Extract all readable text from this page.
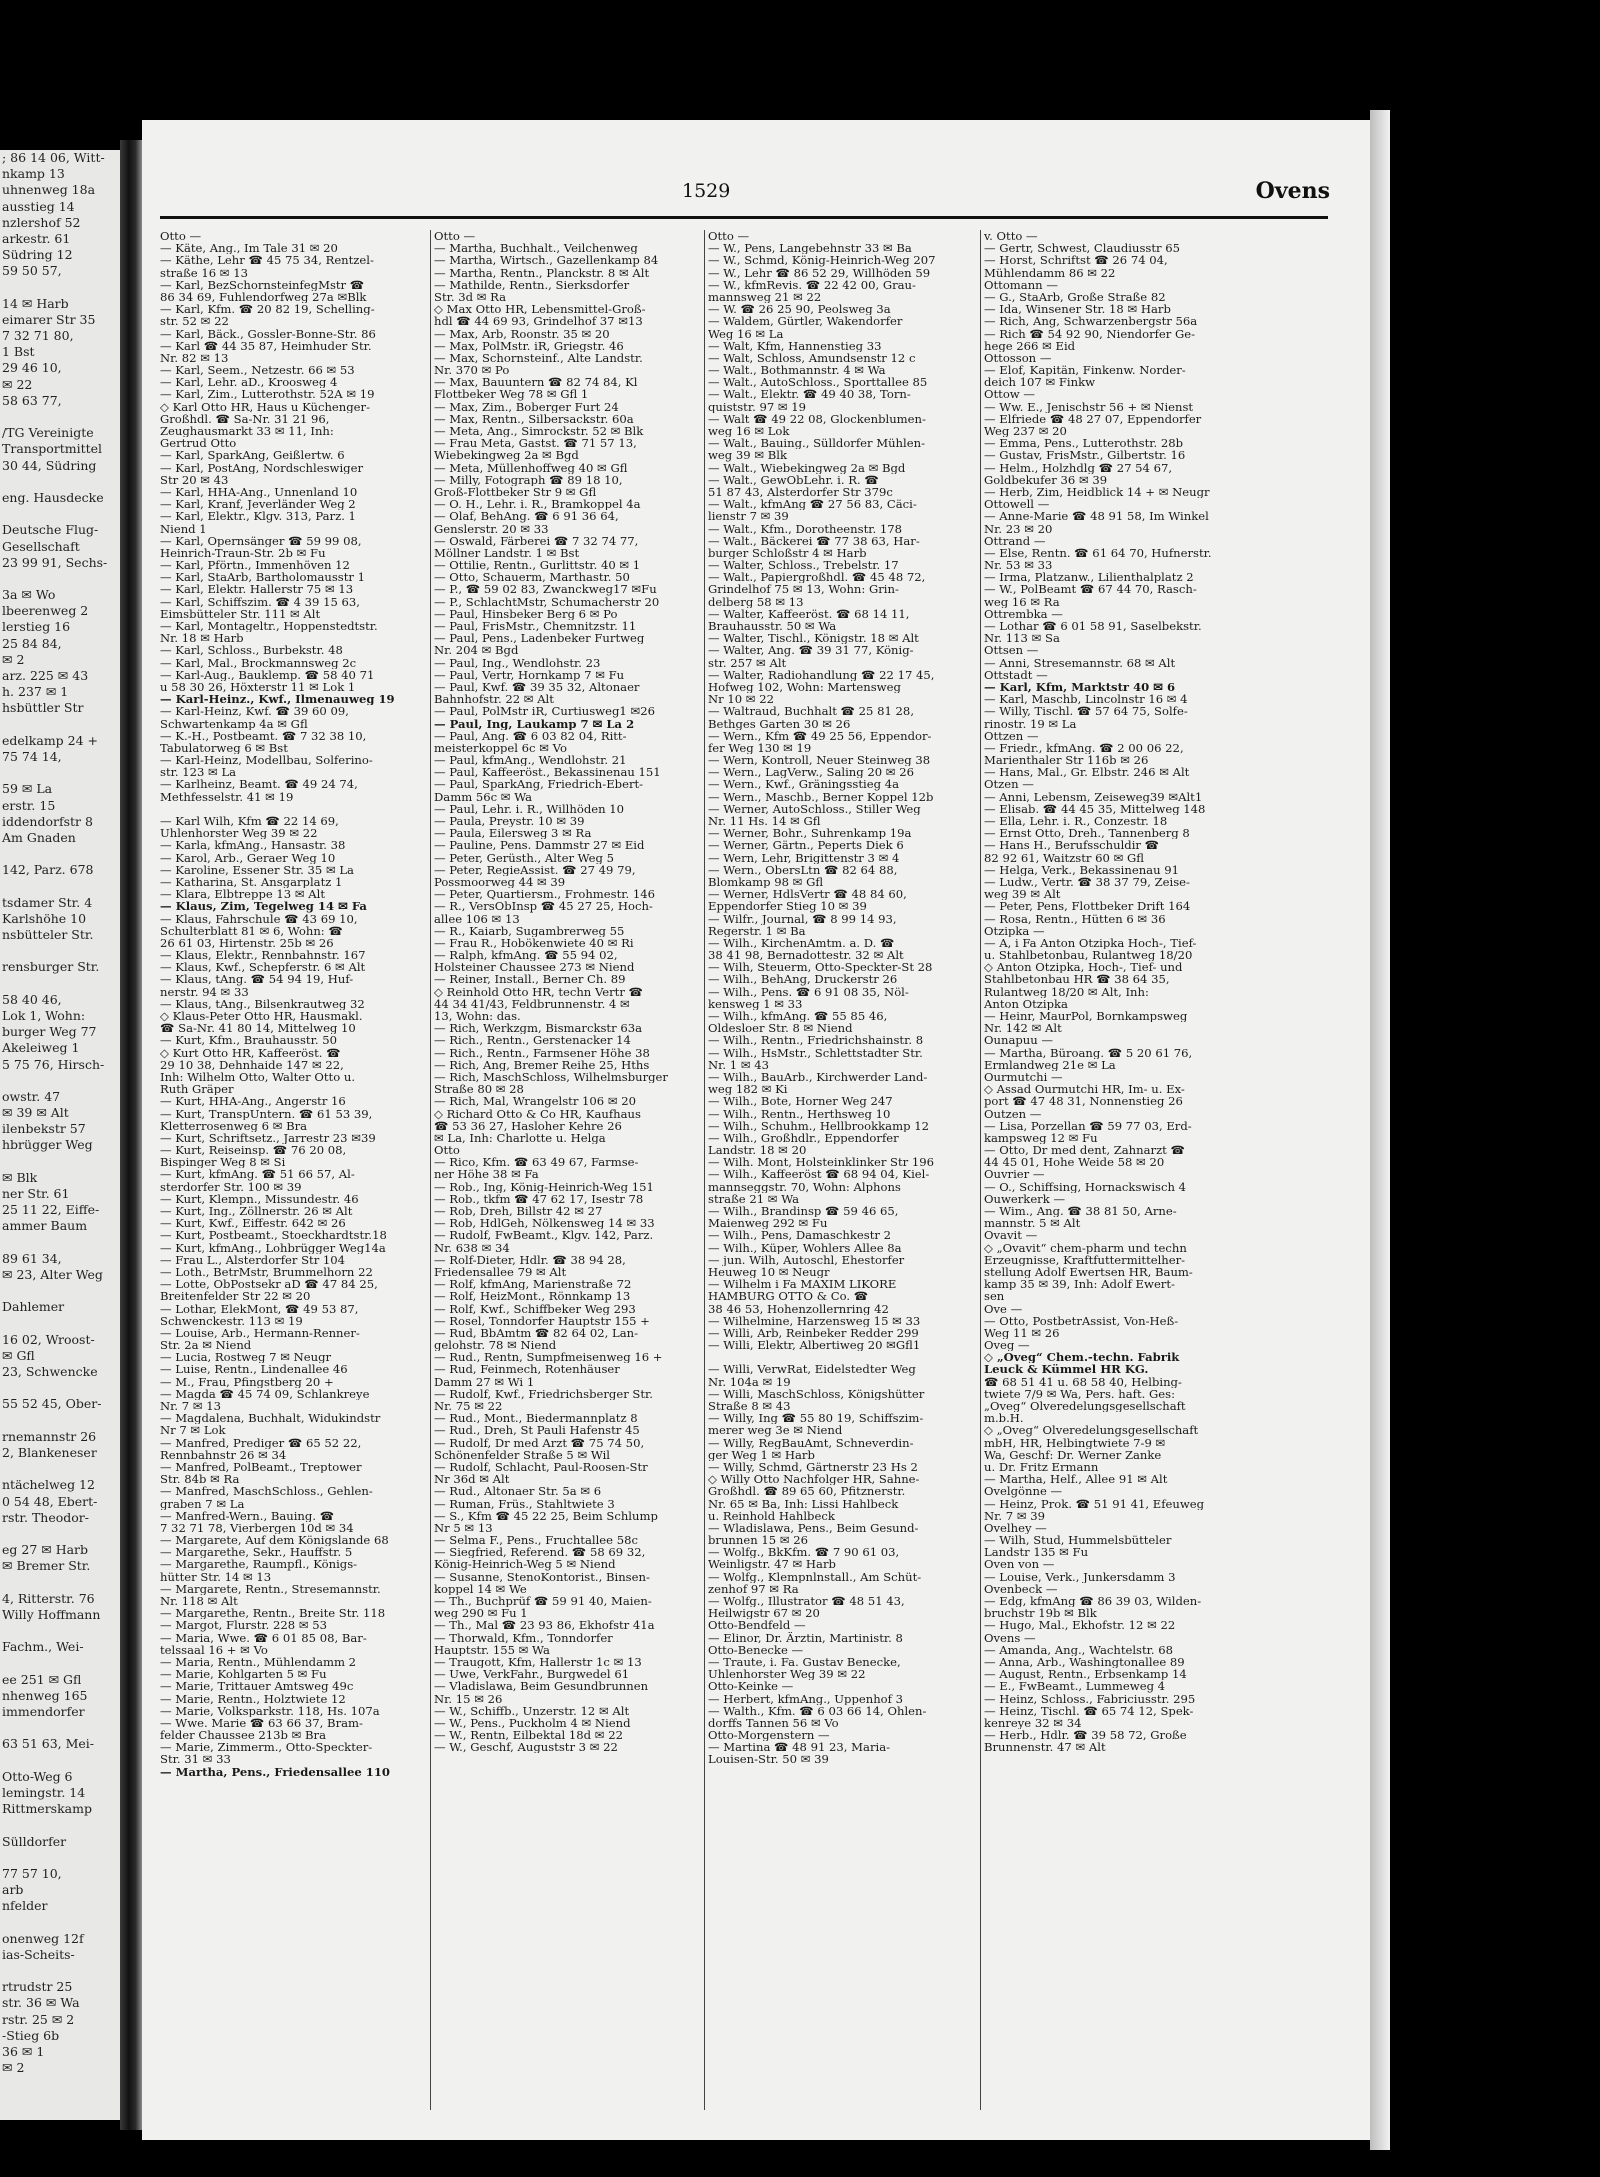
; 86 14 06, Witt-
nkamp 13
uhnenweg 18a
ausstieg 14
nzlershof 52
arkestr. 61
Südring 12
59 50 57,
14 ✉ Harb
eimarer Str 35
7 32 71 80,
1 Bst
29 46 10,
✉ 22
58 63 77,
/TG Vereinigte
Transportmittel
30 44, Südring
eng. Hausdecke
Deutsche Flug-
Gesellschaft
23 99 91, Sechs-
3a ✉ Wo
lbeerenweg 2
lerstieg 16
25 84 84,
✉ 2
arz. 225 ✉ 43
h. 237 ✉ 1
hsbüttler Str
edelkamp 24 +
75 74 14,
59 ✉ La
erstr. 15
iddendorfstr 8
Am Gnaden
142, Parz. 678
tsdamer Str. 4
Karlshöhe 10
nsbütteler Str.
rensburger Str.
58 40 46,
Lok 1, Wohn:
burger Weg 77
Akeleiweg 1
5 75 76, Hirsch-
owstr. 47
✉ 39 ✉ Alt
ilenbekstr 57
hbrügger Weg
✉ Blk
ner Str. 61
25 11 22, Eiffe-
ammer Baum
89 61 34,
✉ 23, Alter Weg
Dahlemer
16 02, Wroost-
✉ Gfl
23, Schwencke
55 52 45, Ober-
rnemannstr 26
2, Blankeneser
ntächelweg 12
0 54 48, Ebert-
rstr. Theodor-
eg 27 ✉ Harb
✉ Bremer Str.
4, Ritterstr. 76
Willy Hoffmann
Fachm., Wei-
ee 251 ✉ Gfl
nhenweg 165
immendorfer
63 51 63, Mei-
Otto-Weg 6
lemingstr. 14
Rittmerskamp
Sülldorfer
77 57 10,
arb
nfelder
onenweg 12f
ias-Scheits-
rtrudstr 25
str. 36 ✉ Wa
rstr. 25 ✉ 2
-Stieg 6b
36 ✉ 1
✉ 2
1529	Ovens
Otto —
— Käte, Ang., Im Tale 31 ✉ 20
— Käthe, Lehr ☎ 45 75 34, Rentzel-
straße 16 ✉ 13
— Karl, BezSchornsteinfegMstr ☎
86 34 69, Fuhlendorfweg 27a ✉Blk
— Karl, Kfm. ☎ 20 82 19, Schelling-
str. 52 ✉ 22
— Karl, Bäck., Gossler-Bonne-Str. 86
— Karl ☎ 44 35 87, Heimhuder Str.
Nr. 82 ✉ 13
— Karl, Seem., Netzestr. 66 ✉ 53
— Karl, Lehr. aD., Kroosweg 4
— Karl, Zim., Lutterothstr. 52A ✉ 19
◇ Karl Otto HR, Haus u Küchenger-
Großhdl. ☎ Sa-Nr. 31 21 96,
Zeughausmarkt 33 ✉ 11, Inh:
Gertrud Otto
— Karl, SparkAng, Geißlertw. 6
— Karl, PostAng, Nordschleswiger
Str 20 ✉ 43
— Karl, HHA-Ang., Unnenland 10
— Karl, Kranf, Jeverländer Weg 2
— Karl, Elektr., Klgv. 313, Parz. 1
Niend 1
— Karl, Opernsänger ☎ 59 99 08,
Heinrich-Traun-Str. 2b ✉ Fu
— Karl, Pförtn., Immenhöven 12
— Karl, StaArb, Bartholomausstr 1
— Karl, Elektr. Hallerstr 75 ✉ 13
— Karl, Schiffszim. ☎ 4 39 15 63,
Eimsbütteler Str. 111 ✉ Alt
— Karl, Montageltr., Hoppenstedtstr.
Nr. 18 ✉ Harb
— Karl, Schloss., Burbekstr. 48
— Karl, Mal., Brockmannsweg 2c
— Karl-Aug., Bauklemp. ☎ 58 40 71
u 58 30 26, Höxterstr 11 ✉ Lok 1
— Karl-Heinz., Kwf., Ilmenauweg 19
— Karl-Heinz, Kwf. ☎ 39 60 09,
Schwartenkamp 4a ✉ Gfl
— K.-H., Postbeamt. ☎ 7 32 38 10,
Tabulatorweg 6 ✉ Bst
— Karl-Heinz, Modellbau, Solferino-
str. 123 ✉ La
— Karlheinz, Beamt. ☎ 49 24 74,
Methfesselstr. 41 ✉ 19
— Karl Wilh, Kfm ☎ 22 14 69,
Uhlenhorster Weg 39 ✉ 22
— Karla, kfmAng., Hansastr. 38
— Karol, Arb., Geraer Weg 10
— Karoline, Essener Str. 35 ✉ La
— Katharina, St. Ansgarplatz 1
— Klara, Elbtreppe 13 ✉ Alt
— Klaus, Zim, Tegelweg 14 ✉ Fa
— Klaus, Fahrschule ☎ 43 69 10,
Schulterblatt 81 ✉ 6, Wohn: ☎
26 61 03, Hirtenstr. 25b ✉ 26
— Klaus, Elektr., Rennbahnstr. 167
— Klaus, Kwf., Schepferstr. 6 ✉ Alt
— Klaus, tAng. ☎ 54 94 19, Huf-
nerstr. 94 ✉ 33
— Klaus, tAng., Bilsenkrautweg 32
◇ Klaus-Peter Otto HR, Hausmakl.
☎ Sa-Nr. 41 80 14, Mittelweg 10
— Kurt, Kfm., Brauhausstr. 50
◇ Kurt Otto HR, Kaffeeröst. ☎
29 10 38, Dehnhaide 147 ✉ 22,
Inh: Wilhelm Otto, Walter Otto u.
Ruth Gräper
— Kurt, HHA-Ang., Angerstr 16
— Kurt, TranspUntern. ☎ 61 53 39,
Kletterrosenweg 6 ✉ Bra
— Kurt, Schriftsetz., Jarrestr 23 ✉39
— Kurt, Reiseinsp. ☎ 76 20 08,
Bispinger Weg 8 ✉ Si
— Kurt, kfmAng. ☎ 51 66 57, Al-
sterdorfer Str. 100 ✉ 39
— Kurt, Klempn., Missundestr. 46
— Kurt, Ing., Zöllnerstr. 26 ✉ Alt
— Kurt, Kwf., Eiffestr. 642 ✉ 26
— Kurt, Postbeamt., Stoeckhardtstr.18
— Kurt, kfmAng., Lohbrügger Weg14a
— Frau L., Alsterdorfer Str 104
— Loth., BetrMstr, Brummelhorn 22
— Lotte, ObPostsekr aD ☎ 47 84 25,
Breitenfelder Str 22 ✉ 20
— Lothar, ElekMont, ☎ 49 53 87,
Schwenckestr. 113 ✉ 19
— Louise, Arb., Hermann-Renner-
Str. 2a ✉ Niend
— Lucia, Rostweg 7 ✉ Neugr
— Luise, Rentn., Lindenallee 46
— M., Frau, Pfingstberg 20 +
— Magda ☎ 45 74 09, Schlankreye
Nr. 7 ✉ 13
— Magdalena, Buchhalt, Widukindstr
Nr 7 ✉ Lok
— Manfred, Prediger ☎ 65 52 22,
Rennbahnstr 26 ✉ 34
— Manfred, PolBeamt., Treptower
Str. 84b ✉ Ra
— Manfred, MaschSchloss., Gehlen-
graben 7 ✉ La
— Manfred-Wern., Bauing. ☎
7 32 71 78, Vierbergen 10d ✉ 34
— Margarete, Auf dem Königslande 68
— Margarethe, Sekr., Hauffstr. 5
— Margarethe, Raumpfl., Königs-
hütter Str. 14 ✉ 13
— Margarete, Rentn., Stresemannstr.
Nr. 118 ✉ Alt
— Margarethe, Rentn., Breite Str. 118
— Margot, Flurstr. 228 ✉ 53
— Maria, Wwe. ☎ 6 01 85 08, Bar-
telssaal 16 + ✉ Vo
— Maria, Rentn., Mühlendamm 2
— Marie, Kohlgarten 5 ✉ Fu
— Marie, Trittauer Amtsweg 49c
— Marie, Rentn., Holztwiete 12
— Marie, Volksparkstr. 118, Hs. 107a
— Wwe. Marie ☎ 63 66 37, Bram-
felder Chaussee 213b ✉ Bra
— Marie, Zimmerm., Otto-Speckter-
Str. 31 ✉ 33
— Martha, Pens., Friedensallee 110
Otto —
— Martha, Buchhalt., Veilchenweg
— Martha, Wirtsch., Gazellenkamp 84
— Martha, Rentn., Planckstr. 8 ✉ Alt
— Mathilde, Rentn., Sierksdorfer
Str. 3d ✉ Ra
◇ Max Otto HR, Lebensmittel-Groß-
hdl ☎ 44 69 93, Grindelhof 37 ✉13
— Max, Arb, Roonstr. 35 ✉ 20
— Max, PolMstr. iR, Griegstr. 46
— Max, Schornsteinf., Alte Landstr.
Nr. 370 ✉ Po
— Max, Bauuntern ☎ 82 74 84, Kl
Flottbeker Weg 78 ✉ Gfl 1
— Max, Zim., Boberger Furt 24
— Max, Rentn., Silbersackstr. 60a
— Meta, Ang., Simrockstr. 52 ✉ Blk
— Frau Meta, Gastst. ☎ 71 57 13,
Wiebekingweg 2a ✉ Bgd
— Meta, Müllenhoffweg 40 ✉ Gfl
— Milly, Fotograph ☎ 89 18 10,
Groß-Flottbeker Str 9 ✉ Gfl
— O. H., Lehr. i. R., Bramkoppel 4a
— Olaf, BehAng. ☎ 6 91 36 64,
Genslerstr. 20 ✉ 33
— Oswald, Färberei ☎ 7 32 74 77,
Möllner Landstr. 1 ✉ Bst
— Ottilie, Rentn., Gurlittstr. 40 ✉ 1
— Otto, Schauerm, Marthastr. 50
— P., ☎ 59 02 83, Zwanckweg17 ✉Fu
— P., SchlachtMstr, Schumacherstr 20
— Paul, Hinsbeker Berg 6 ✉ Po
— Paul, FrisMstr., Chemnitzstr. 11
— Paul, Pens., Ladenbeker Furtweg
Nr. 204 ✉ Bgd
— Paul, Ing., Wendlohstr. 23
— Paul, Vertr, Hornkamp 7 ✉ Fu
— Paul, Kwf. ☎ 39 35 32, Altonaer
Bahnhofstr. 22 ✉ Alt
— Paul, PolMstr iR, Curtiusweg1 ✉26
— Paul, Ing, Laukamp 7 ✉ La 2
— Paul, Ang. ☎ 6 03 82 04, Ritt-
meisterkoppel 6c ✉ Vo
— Paul, kfmAng., Wendlohstr. 21
— Paul, Kaffeeröst., Bekassinenau 151
— Paul, SparkAng, Friedrich-Ebert-
Damm 56c ✉ Wa
— Paul, Lehr. i. R., Willhöden 10
— Paula, Preystr. 10 ✉ 39
— Paula, Eilersweg 3 ✉ Ra
— Pauline, Pens. Dammstr 27 ✉ Eid
— Peter, Gerüsth., Alter Weg 5
— Peter, RegieAssist. ☎ 27 49 79,
Possmoorweg 44 ✉ 39
— Peter, Quartiersm., Frohmestr. 146
— R., VersObInsp ☎ 45 27 25, Hoch-
allee 106 ✉ 13
— R., Kaiarb, Sugambrerweg 55
— Frau R., Hobökenwiete 40 ✉ Ri
— Ralph, kfmAng. ☎ 55 94 02,
Holsteiner Chaussee 273 ✉ Niend
— Reiner, Install., Berner Ch. 89
◇ Reinhold Otto HR, techn Vertr ☎
44 34 41/43, Feldbrunnenstr. 4 ✉
13, Wohn: das.
— Rich, Werkzgm, Bismarckstr 63a
— Rich., Rentn., Gerstenacker 14
— Rich., Rentn., Farmsener Höhe 38
— Rich, Ang, Bremer Reihe 25, Hths
— Rich, MaschSchloss, Wilhelmsburger
Straße 80 ✉ 28
— Rich, Mal, Wrangelstr 106 ✉ 20
◇ Richard Otto & Co HR, Kaufhaus
☎ 53 36 27, Hasloher Kehre 26
✉ La, Inh: Charlotte u. Helga
Otto
— Rico, Kfm. ☎ 63 49 67, Farmse-
ner Höhe 38 ✉ Fa
— Rob., Ing, König-Heinrich-Weg 151
— Rob., tkfm ☎ 47 62 17, Isestr 78
— Rob, Dreh, Billstr 42 ✉ 27
— Rob, HdlGeh, Nölkensweg 14 ✉ 33
— Rudolf, FwBeamt., Klgv. 142, Parz.
Nr. 638 ✉ 34
— Rolf-Dieter, Hdlr. ☎ 38 94 28,
Friedensallee 79 ✉ Alt
— Rolf, kfmAng, Marienstraße 72
— Rolf, HeizMont., Rönnkamp 13
— Rolf, Kwf., Schiffbeker Weg 293
— Rosel, Tonndorfer Hauptstr 155 +
— Rud, BbAmtm ☎ 82 64 02, Lan-
gelohstr. 78 ✉ Niend
— Rud., Rentn, Sumpfmeisenweg 16 +
— Rud, Feinmech, Rotenhäuser
Damm 27 ✉ Wi 1
— Rudolf, Kwf., Friedrichsberger Str.
Nr. 75 ✉ 22
— Rud., Mont., Biedermannplatz 8
— Rud., Dreh, St Pauli Hafenstr 45
— Rudolf, Dr med Arzt ☎ 75 74 50,
Schönenfelder Straße 5 ✉ Wil
— Rudolf, Schlacht, Paul-Roosen-Str
Nr 36d ✉ Alt
— Rud., Altonaer Str. 5a ✉ 6
— Ruman, Früs., Stahltwiete 3
— S., Kfm ☎ 45 22 25, Beim Schlump
Nr 5 ✉ 13
— Selma F., Pens., Fruchtallee 58c
— Siegfried, Referend. ☎ 58 69 32,
König-Heinrich-Weg 5 ✉ Niend
— Susanne, StenoKontorist., Binsen-
koppel 14 ✉ We
— Th., Buchprüf ☎ 59 91 40, Maien-
weg 290 ✉ Fu 1
— Th., Mal ☎ 23 93 86, Ekhofstr 41a
— Thorwald, Kfm., Tonndorfer
Hauptstr. 155 ✉ Wa
— Traugott, Kfm, Hallerstr 1c ✉ 13
— Uwe, VerkFahr., Burgwedel 61
— Vladislawa, Beim Gesundbrunnen
Nr. 15 ✉ 26
— W., Schiffb., Unzerstr. 12 ✉ Alt
— W., Pens., Puckholm 4 ✉ Niend
— W., Rentn, Eilbektal 18d ✉ 22
— W., Geschf, Auguststr 3 ✉ 22
Otto —
— W., Pens, Langebehnstr 33 ✉ Ba
— W., Schmd, König-Heinrich-Weg 207
— W., Lehr ☎ 86 52 29, Willhöden 59
— W., kfmRevis. ☎ 22 42 00, Grau-
mannsweg 21 ✉ 22
— W. ☎ 26 25 90, Peolsweg 3a
— Waldem, Gürtler, Wakendorfer
Weg 16 ✉ La
— Walt, Kfm, Hannenstieg 33
— Walt, Schloss, Amundsenstr 12 c
— Walt., Bothmannstr. 4 ✉ Wa
— Walt., AutoSchloss., Sporttallee 85
— Walt., Elektr. ☎ 49 40 38, Torn-
quiststr. 97 ✉ 19
— Walt ☎ 49 22 08, Glockenblumen-
weg 16 ✉ Lok
— Walt., Bauing., Sülldorfer Mühlen-
weg 39 ✉ Blk
— Walt., Wiebekingweg 2a ✉ Bgd
— Walt., GewObLehr. i. R. ☎
51 87 43, Alsterdorfer Str 379c
— Walt., kfmAng ☎ 27 56 83, Cäci-
lienstr 7 ✉ 39
— Walt., Kfm., Dorotheenstr. 178
— Walt., Bäckerei ☎ 77 38 63, Har-
burger Schloßstr 4 ✉ Harb
— Walter, Schloss., Trebelstr. 17
— Walt., Papiergroßhdl. ☎ 45 48 72,
Grindelhof 75 ✉ 13, Wohn: Grin-
delberg 58 ✉ 13
— Walter, Kaffeeröst. ☎ 68 14 11,
Brauhausstr. 50 ✉ Wa
— Walter, Tischl., Königstr. 18 ✉ Alt
— Walter, Ang. ☎ 39 31 77, König-
str. 257 ✉ Alt
— Walter, Radiohandlung ☎ 22 17 45,
Hofweg 102, Wohn: Martensweg
Nr 10 ✉ 22
— Waltraud, Buchhalt ☎ 25 81 28,
Bethges Garten 30 ✉ 26
— Wern., Kfm ☎ 49 25 56, Eppendor-
fer Weg 130 ✉ 19
— Wern, Kontroll, Neuer Steinweg 38
— Wern., LagVerw., Saling 20 ✉ 26
— Wern., Kwf., Gräningsstieg 4a
— Wern., Maschb., Berner Koppel 12b
— Werner, AutoSchloss., Stiller Weg
Nr. 11 Hs. 14 ✉ Gfl
— Werner, Bohr., Suhrenkamp 19a
— Werner, Gärtn., Peperts Diek 6
— Wern, Lehr, Brigittenstr 3 ✉ 4
— Wern., ObersLtn ☎ 82 64 88,
Blomkamp 98 ✉ Gfl
— Werner, HdlsVertr ☎ 48 84 60,
Eppendorfer Stieg 10 ✉ 39
— Wilfr., Journal, ☎ 8 99 14 93,
Regerstr. 1 ✉ Ba
— Wilh., KirchenAmtm. a. D. ☎
38 41 98, Bernadottestr. 32 ✉ Alt
— Wilh, Steuerm, Otto-Speckter-St 28
— Wilh., BehAng, Druckerstr 26
— Wilh., Pens. ☎ 6 91 08 35, Nöl-
kensweg 1 ✉ 33
— Wilh., kfmAng. ☎ 55 85 46,
Oldesloer Str. 8 ✉ Niend
— Wilh., Rentn., Friedrichshainstr. 8
— Wilh., HsMstr., Schlettstadter Str.
Nr. 1 ✉ 43
— Wilh., BauArb., Kirchwerder Land-
weg 182 ✉ Ki
— Wilh., Bote, Horner Weg 247
— Wilh., Rentn., Herthsweg 10
— Wilh., Schuhm., Hellbrookkamp 12
— Wilh., Großhdlr., Eppendorfer
Landstr. 18 ✉ 20
— Wilh. Mont, Holsteinklinker Str 196
— Wilh., Kaffeeröst ☎ 68 94 04, Kiel-
mannseggstr. 70, Wohn: Alphons
straße 21 ✉ Wa
— Wilh., Brandinsp ☎ 59 46 65,
Maienweg 292 ✉ Fu
— Wilh., Pens, Damaschkestr 2
— Wilh., Küper, Wohlers Allee 8a
— jun. Wilh, Autoschl, Ehestorfer
Heuweg 10 ✉ Neugr
— Wilhelm i Fa MAXIM LIKORE
HAMBURG OTTO & Co. ☎
38 46 53, Hohenzollernring 42
— Wilhelmine, Harzensweg 15 ✉ 33
— Willi, Arb, Reinbeker Redder 299
— Willi, Elektr, Albertiweg 20 ✉Gfl1
— Willi, VerwRat, Eidelstedter Weg
Nr. 104a ✉ 19
— Willi, MaschSchloss, Königshütter
Straße 8 ✉ 43
— Willy, Ing ☎ 55 80 19, Schiffszim-
merer weg 3e ✉ Niend
— Willy, RegBauAmt, Schneverdin-
ger Weg 1 ✉ Harb
— Willy, Schmd, Gärtnerstr 23 Hs 2
◇ Willy Otto Nachfolger HR, Sahne-
Großhdl. ☎ 89 65 60, Pfitznerstr.
Nr. 65 ✉ Ba, Inh: Lissi Hahlbeck
u. Reinhold Hahlbeck
— Wladislawa, Pens., Beim Gesund-
brunnen 15 ✉ 26
— Wolfg., BkKfm. ☎ 7 90 61 03,
Weinligstr. 47 ✉ Harb
— Wolfg., Klempnlnstall., Am Schüt-
zenhof 97 ✉ Ra
— Wolfg., Illustrator ☎ 48 51 43,
Heilwigstr 67 ✉ 20
Otto-Bendfeld —
— Elinor, Dr. Ärztin, Martinistr. 8
Otto-Benecke —
— Traute, i. Fa. Gustav Benecke,
Uhlenhorster Weg 39 ✉ 22
Otto-Keinke —
— Herbert, kfmAng., Uppenhof 3
— Walth., Kfm. ☎ 6 03 66 14, Ohlen-
dorffs Tannen 56 ✉ Vo
Otto-Morgenstern —
— Martina ☎ 48 91 23, Maria-
Louisen-Str. 50 ✉ 39
v. Otto —
— Gertr, Schwest, Claudiusstr 65
— Horst, Schriftst ☎ 26 74 04,
Mühlendamm 86 ✉ 22
Ottomann —
— G., StaArb, Große Straße 82
— Ida, Winsener Str. 18 ✉ Harb
— Rich, Ang, Schwarzenbergstr 56a
— Rich ☎ 54 92 90, Niendorfer Ge-
hege 266 ✉ Eid
Ottosson —
— Elof, Kapitän, Finkenw. Norder-
deich 107 ✉ Finkw
Ottow —
— Ww. E., Jenischstr 56 + ✉ Nienst
— Elfriede ☎ 48 27 07, Eppendorfer
Weg 237 ✉ 20
— Emma, Pens., Lutterothstr. 28b
— Gustav, FrisMstr., Gilbertstr. 16
— Helm., Holzhdlg ☎ 27 54 67,
Goldbekufer 36 ✉ 39
— Herb, Zim, Heidblick 14 + ✉ Neugr
Ottowell —
— Anne-Marie ☎ 48 91 58, Im Winkel
Nr. 23 ✉ 20
Ottrand —
— Else, Rentn. ☎ 61 64 70, Hufnerstr.
Nr. 53 ✉ 33
— Irma, Platzanw., Lilienthalplatz 2
— W., PolBeamt ☎ 67 44 70, Rasch-
weg 16 ✉ Ra
Ottrembka —
— Lothar ☎ 6 01 58 91, Saselbekstr.
Nr. 113 ✉ Sa
Ottsen —
— Anni, Stresemannstr. 68 ✉ Alt
Ottstadt —
— Karl, Kfm, Marktstr 40 ✉ 6
— Karl, Maschb, Lincolnstr 16 ✉ 4
— Willy, Tischl. ☎ 57 64 75, Solfe-
rinostr. 19 ✉ La
Ottzen —
— Friedr., kfmAng. ☎ 2 00 06 22,
Marienthaler Str 116b ✉ 26
— Hans, Mal., Gr. Elbstr. 246 ✉ Alt
Otzen —
— Anni, Lebensm, Zeiseweg39 ✉Alt1
— Elisab. ☎ 44 45 35, Mittelweg 148
— Ella, Lehr. i. R., Conzestr. 18
— Ernst Otto, Dreh., Tannenberg 8
— Hans H., Berufsschuldir ☎
82 92 61, Waitzstr 60 ✉ Gfl
— Helga, Verk., Bekassinenau 91
— Ludw., Vertr. ☎ 38 37 79, Zeise-
weg 39 ✉ Alt
— Peter, Pens, Flottbeker Drift 164
— Rosa, Rentn., Hütten 6 ✉ 36
Otzipka —
— A, i Fa Anton Otzipka Hoch-, Tief-
u. Stahlbetonbau, Rulantweg 18/20
◇ Anton Otzipka, Hoch-, Tief- und
Stahlbetonbau HR ☎ 38 64 35,
Rulantweg 18/20 ✉ Alt, Inh:
Anton Otzipka
— Heinr, MaurPol, Bornkampsweg
Nr. 142 ✉ Alt
Ounapuu —
— Martha, Büroang. ☎ 5 20 61 76,
Ermlandweg 21e ✉ La
Ourmutchi —
◇ Assad Ourmutchi HR, Im- u. Ex-
port ☎ 47 48 31, Nonnenstieg 26
Outzen —
— Lisa, Porzellan ☎ 59 77 03, Erd-
kampsweg 12 ✉ Fu
— Otto, Dr med dent, Zahnarzt ☎
44 45 01, Hohe Weide 58 ✉ 20
Ouvrier —
— O., Schiffsing, Hornackswisch 4
Ouwerkerk —
— Wim., Ang. ☎ 38 81 50, Arne-
mannstr. 5 ✉ Alt
Ovavit —
◇ „Ovavit“ chem-pharm und techn
Erzeugnisse, Kraftfuttermittelher-
stellung Adolf Ewertsen HR, Baum-
kamp 35 ✉ 39, Inh: Adolf Ewert-
sen
Ove —
— Otto, PostbetrAssist, Von-Heß-
Weg 11 ✉ 26
Oveg —
◇ „Oveg“ Chem.-techn. Fabrik
Leuck & Kümmel HR KG.
☎ 68 51 41 u. 68 58 40, Helbing-
twiete 7/9 ✉ Wa, Pers. haft. Ges:
„Oveg“ Olveredelungsgesellschaft
m.b.H.
◇ „Oveg“ Olveredelungsgesellschaft
mbH, HR, Helbingtwiete 7-9 ✉
Wa, Geschf: Dr. Werner Zanke
u. Dr. Fritz Ermann
— Martha, Helf., Allee 91 ✉ Alt
Ovelgönne —
— Heinz, Prok. ☎ 51 91 41, Efeuweg
Nr. 7 ✉ 39
Ovelhey —
— Wilh, Stud, Hummelsbütteler
Landstr 135 ✉ Fu
Oven von —
— Louise, Verk., Junkersdamm 3
Ovenbeck —
— Edg, kfmAng ☎ 86 39 03, Wilden-
bruchstr 19b ✉ Blk
— Hugo, Mal., Ekhofstr. 12 ✉ 22
Ovens —
— Amanda, Ang., Wachtelstr. 68
— Anna, Arb., Washingtonallee 89
— August, Rentn., Erbsenkamp 14
— E., FwBeamt., Lummeweg 4
— Heinz, Schloss., Fabriciusstr. 295
— Heinz, Tischl. ☎ 65 74 12, Spek-
kenreye 32 ✉ 34
— Herb., Hdlr. ☎ 39 58 72, Große
Brunnenstr. 47 ✉ Alt
